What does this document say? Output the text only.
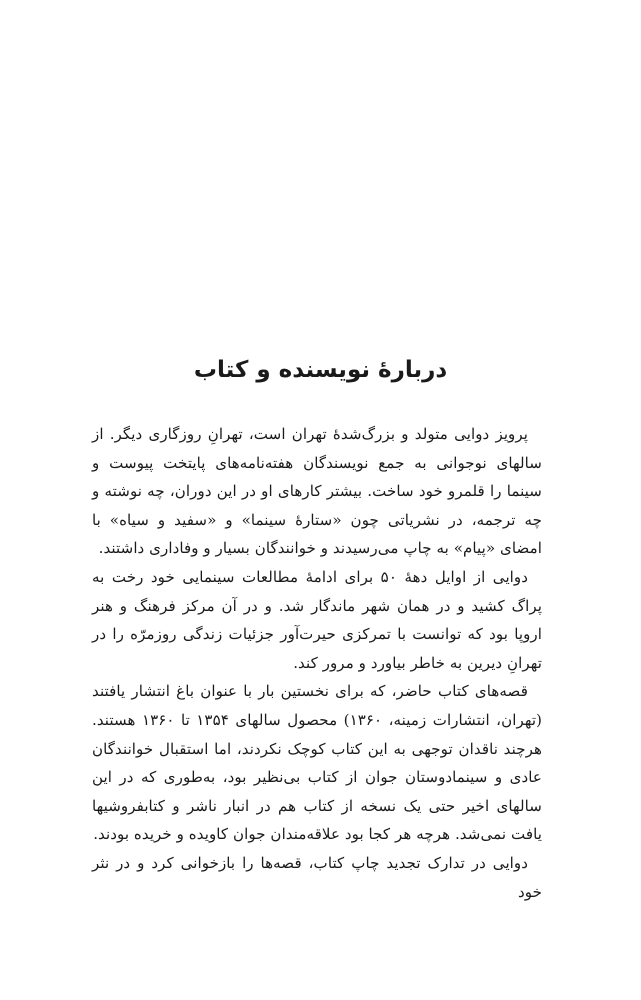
دربارهٔ نویسنده و کتاب

پرویز دوایی متولد و بزرگ‌شدهٔ تهران است، تهرانِ روزگاری دیگر. از سالهای نوجوانی به جمع نویسندگان هفته‌نامه‌های پایتخت پیوست و سینما را قلمرو خود ساخت. بیشتر کارهای او در این دوران، چه نوشته و چه ترجمه، در نشریاتی چون «ستارهٔ سینما» و «سفید و سیاه» با امضای «پیام» به چاپ می‌رسیدند و خوانندگان بسیار و وفاداری داشتند.

دوایی از اوایل دههٔ ۵۰ برای ادامهٔ مطالعات سینمایی خود رخت به پراگ کشید و در همان شهر ماندگار شد. و در آن مرکز فرهنگ و هنر اروپا بود که توانست با تمرکزی حیرت‌آور جزئیات زندگی روزمرّه را در تهرانِ دیرین به خاطر بیاورد و مرور کند.

قصه‌های کتاب حاضر، که برای نخستین بار با عنوان باغ انتشار یافتند (تهران، انتشارات زمینه، ۱۳۶۰) محصول سالهای ۱۳۵۴ تا ۱۳۶۰ هستند. هرچند ناقدان توجهی به این کتاب کوچک نکردند، اما استقبال خوانندگان عادی و سینمادوستان جوان از کتاب بی‌نظیر بود، به‌طوری که در این سالهای اخیر حتی یک نسخه از کتاب هم در انبار ناشر و کتابفروشیها یافت نمی‌شد. هرچه هر کجا بود علاقه‌مندان جوان کاویده و خریده بودند.

دوایی در تدارک تجدید چاپ کتاب، قصه‌ها را بازخوانی کرد و در نثر خود
